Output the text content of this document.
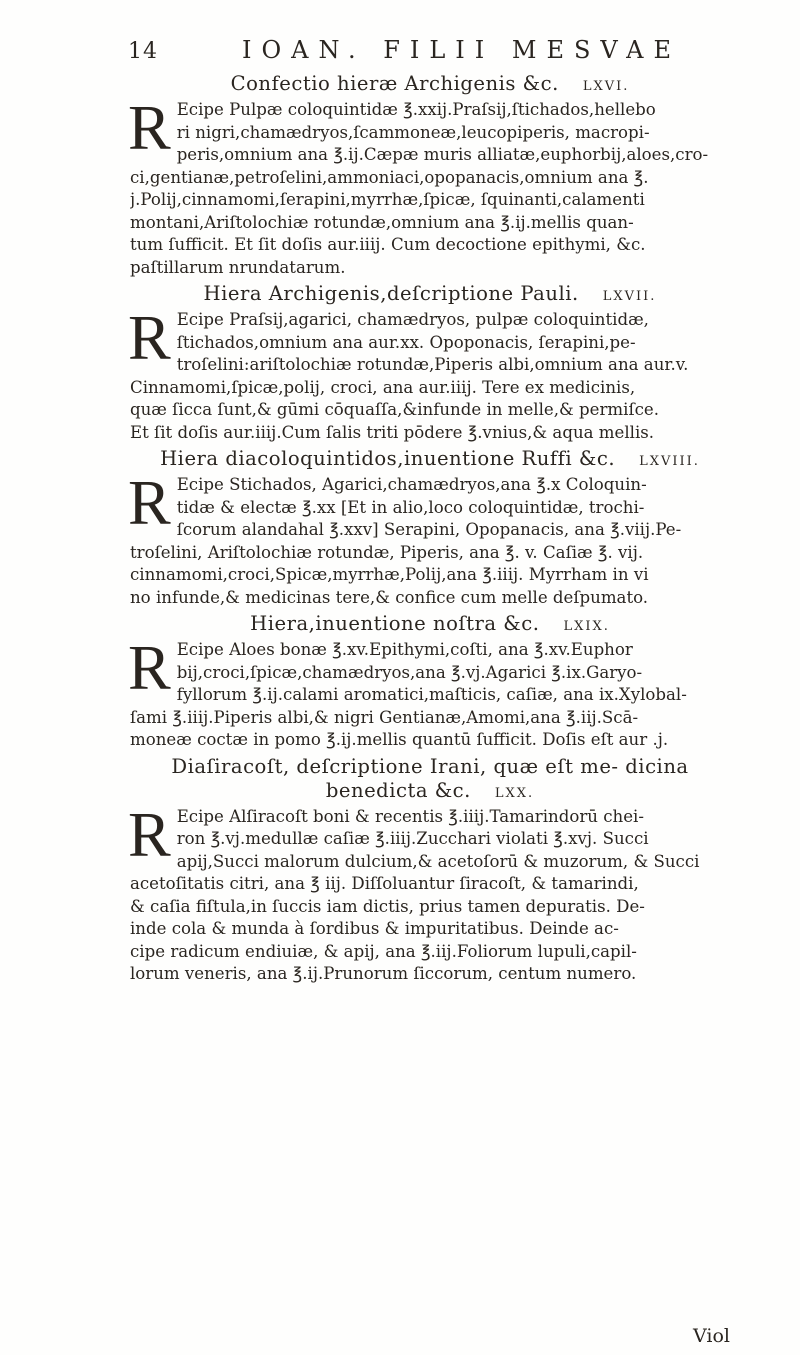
14	IOAN. FILII MESVAE
Confectio hieræ Archigenis &c. LXVI.
R Ecipe Pulpæ coloquintidæ ℥.xxij.Praſsij,ſtichados,hellebo
ri nigri,chamædryos,ſcammoneæ,leucopiperis, macropi-
peris,omnium ana ℥.ij.Cæpæ muris alliatæ,euphorbij,aloes,cro-
ci,gentianæ,petroſelini,ammoniaci,opopanacis,omnium ana ℥.
j.Polij,cinnamomi,ſerapini,myrrhæ,ſpicæ, ſquinanti,calamenti
montani,Ariſtolochiæ rotundæ,omnium ana ℥.ij.mellis quan-
tum ſufficit. Et ſit doſis aur.iiij. Cum decoctione epithymi, &c.
paſtillarum nrundatarum.
Hiera Archigenis,deſcriptione Pauli. LXVII.
R Ecipe Praſsij,agarici, chamædryos, pulpæ coloquintidæ,
ſtichados,omnium ana aur.xx. Opoponacis, ſerapini,pe-
troſelini:ariſtolochiæ rotundæ,Piperis albi,omnium ana aur.v.
Cinnamomi,ſpicæ,polij, croci, ana aur.iiij. Tere ex medicinis,
quæ ſicca ſunt,& gūmi cōquaſſa,&infunde in melle,& permiſce.
Et ſit doſis aur.iiij.Cum ſalis triti pōdere ℥.vnius,& aqua mellis.
Hiera diacoloquintidos,inuentione Ruffi &c. LXVIII.
R Ecipe Stichados, Agarici,chamædryos,ana ℥.x Coloquin-
tidæ & electæ ℥.xx [Et in alio,loco coloquintidæ, trochi-
ſcorum alandahal ℥.xxv] Serapini, Opopanacis, ana ℥.viij.Pe-
troſelini, Ariſtolochiæ rotundæ, Piperis, ana ℥. v. Caſiæ ℥. vij.
cinnamomi,croci,Spicæ,myrrhæ,Polij,ana ℥.iiij. Myrrham in vi
no infunde,& medicinas tere,& confice cum melle deſpumato.
Hiera,inuentione noſtra &c. LXIX.
R Ecipe Aloes bonæ ℥.xv.Epithymi,coſti, ana ℥.xv.Euphor
bij,croci,ſpicæ,chamædryos,ana ℥.vj.Agarici ℥.ix.Garyo-
fyllorum ℥.ij.calami aromatici,maſticis, caſiæ, ana ix.Xylobal-
ſami ℥.iiij.Piperis albi,& nigri Gentianæ,Amomi,ana ℥.iij.Scā-
moneæ coctæ in pomo ℥.ij.mellis quantū ſufficit. Doſis eſt aur .j.
Diaſiracoſt, deſcriptione Irani, quæ eſt me- dicina benedicta &c. LXX.
R Ecipe Alſiracoſt boni & recentis ℥.iiij.Tamarindorū chei-
ron ℥.vj.medullæ caſiæ ℥.iiij.Zucchari violati ℥.xvj. Succi
apij,Succi malorum dulcium,& acetoſorū & muzorum, & Succi
acetoſitatis citri, ana ℥ iij. Diſſoluantur ſiracoſt, & tamarindi,
& caſia fiſtula,in ſuccis iam dictis, prius tamen depuratis. De-
inde cola & munda à ſordibus & impuritatibus. Deinde ac-
cipe radicum endiuiæ, & apij, ana ℥.iij.Foliorum lupuli,capil-
lorum veneris, ana ℥.ij.Prunorum ſiccorum, centum numero.
Viol
